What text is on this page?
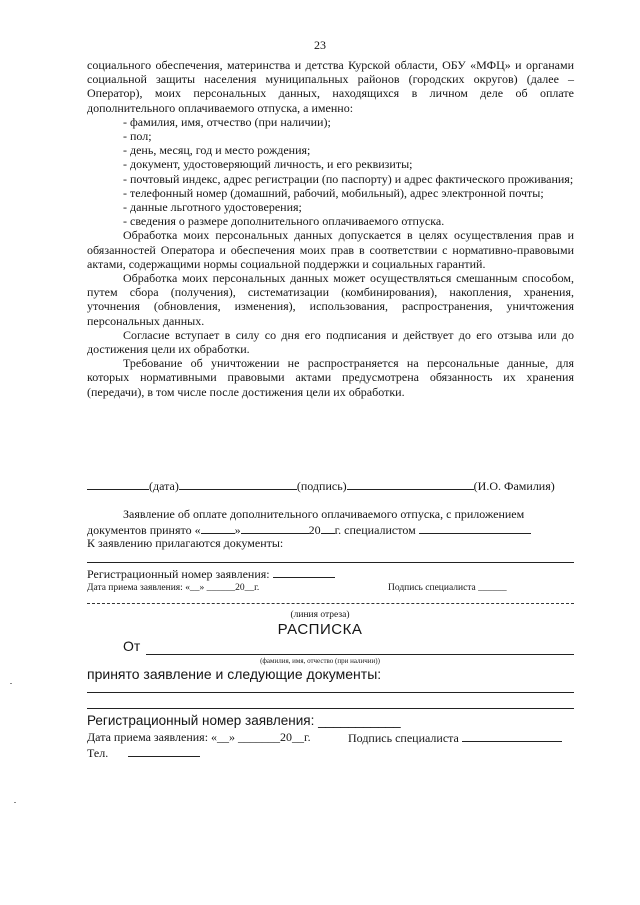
23

социального обеспечения, материнства и детства Курской области, ОБУ «МФЦ» и органами социальной защиты населения муниципальных районов (городских округов) (далее – Оператор), моих персональных данных, находящихся в личном деле об оплате дополнительного оплачиваемого отпуска, а именно:

- фамилия, имя, отчество (при наличии);

- пол;

- день, месяц, год и место рождения;

- документ, удостоверяющий личность, и его реквизиты;

- почтовый индекс, адрес регистрации (по паспорту) и адрес фактического проживания;

- телефонный номер (домашний, рабочий, мобильный), адрес электронной почты;

- данные льготного удостоверения;

- сведения о размере дополнительного оплачиваемого отпуска.

Обработка моих персональных данных допускается в целях осуществления прав и обязанностей Оператора и обеспечения моих прав в соответствии с нормативно-правовыми актами, содержащими нормы социальной поддержки и социальных гарантий.

Обработка моих персональных данных может осуществляться смешанным способом, путем сбора (получения), систематизации (комбинирования), накопления, хранения, уточнения (обновления, изменения), использования, распространения, уничтожения персональных данных.

Согласие вступает в силу со дня его подписания и действует до его отзыва или до достижения цели их обработки.

Требование об уничтожении не распространяется на персональные данные, для которых нормативными правовыми актами предусмотрена обязанность их хранения (передачи), в том числе после достижения цели их обработки.

(дата)	(подпись)	(И.О. Фамилия)
Заявление об оплате дополнительного оплачиваемого отпуска, с приложением
документов принято «	»	20 г. специалистом
К заявлению прилагаются документы:
Регистрационный номер заявления:
Дата приема заявления: «__» ______20__г.	Подпись специалиста ______
(линия отреза)
РАСПИСКА
От
(фамилия, имя, отчество (при наличии))
принято заявление и следующие документы:
Регистрационный номер заявления: ___________
Дата приема заявления: «__» _______20__г.	Подпись специалиста
Тел.
